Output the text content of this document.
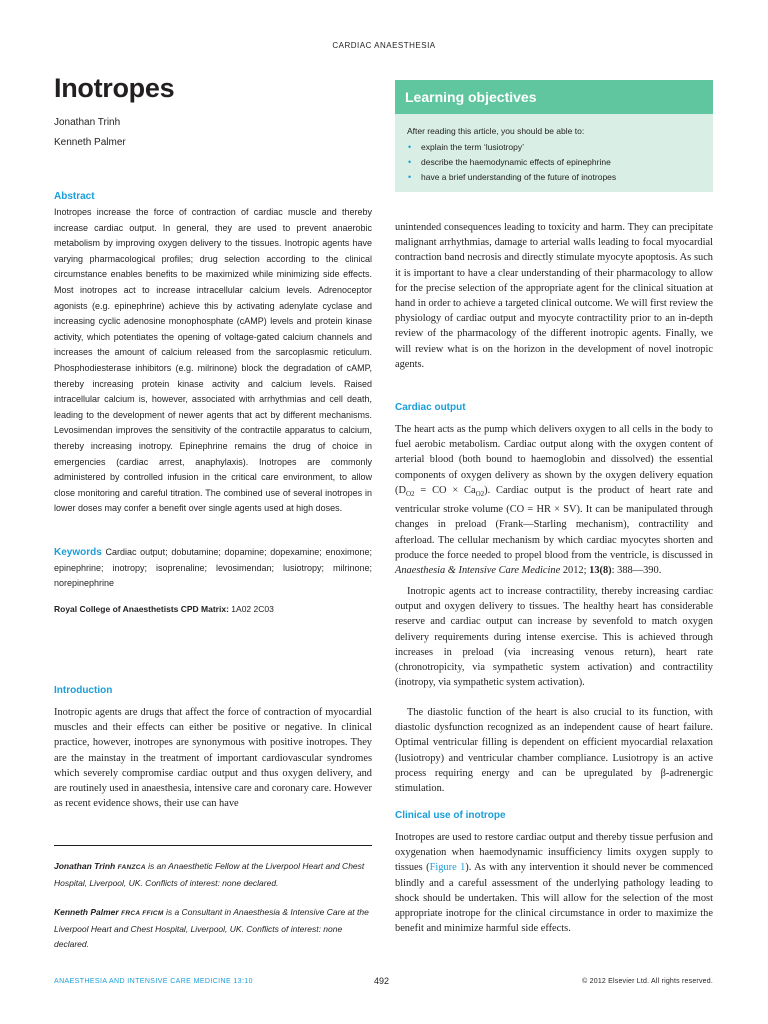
CARDIAC ANAESTHESIA
Inotropes
Jonathan Trinh
Kenneth Palmer
Learning objectives
After reading this article, you should be able to:
• explain the term ‘lusiotropy’
• describe the haemodynamic effects of epinephrine
• have a brief understanding of the future of inotropes
Abstract

Inotropes increase the force of contraction of cardiac muscle and thereby increase cardiac output. In general, they are used to prevent anaerobic metabolism by improving oxygen delivery to the tissues. Inotropic agents have varying pharmacological profiles; drug selection according to the clinical circumstance enables benefits to be maximized while minimizing side effects. Most inotropes act to increase intracellular calcium levels. Adrenoceptor agonists (e.g. epinephrine) achieve this by activating adenylate cyclase and increasing cyclic adenosine monophosphate (cAMP) levels and protein kinase activity, which potentiates the opening of voltage-gated calcium channels and increases the amount of calcium released from the sarcoplasmic reticulum. Phosphodiesterase inhibitors (e.g. milrinone) block the degradation of cAMP, thereby increasing protein kinase activity and calcium levels. Raised intracellular calcium is, however, associated with arrhythmias and cell death, leading to the development of newer agents that act by different mechanisms. Levosimendan improves the sensitivity of the contractile apparatus to calcium, thereby increasing inotropy. Epinephrine remains the drug of choice in emergencies (cardiac arrest, anaphylaxis). Inotropes are commonly administered by controlled infusion in the critical care environment, to allow close monitoring and careful titration. The combined use of several inotropes in lower doses may confer a benefit over single agents used at high doses.

Keywords Cardiac output; dobutamine; dopamine; dopexamine; enoximone; epinephrine; inotropy; isoprenaline; levosimendan; lusiotropy; milrinone; norepinephrine

Royal College of Anaesthetists CPD Matrix: 1A02 2C03

Introduction

Inotropic agents are drugs that affect the force of contraction of myocardial muscles and their effects can either be positive or negative. In clinical practice, however, inotropes are synonymous with positive inotropes. They are the mainstay in the treatment of important cardiovascular syndromes which severely compromise cardiac output and thus oxygen delivery, and are routinely used in anaesthesia, intensive care and coronary care. However as recent evidence shows, their use can have

Jonathan Trinh FANZCA is an Anaesthetic Fellow at the Liverpool Heart and Chest Hospital, Liverpool, UK. Conflicts of interest: none declared.

Kenneth Palmer FRCA FFICM is a Consultant in Anaesthesia & Intensive Care at the Liverpool Heart and Chest Hospital, Liverpool, UK. Conflicts of interest: none declared.

unintended consequences leading to toxicity and harm. They can precipitate malignant arrhythmias, damage to arterial walls leading to focal myocardial contraction band necrosis and directly stimulate myocyte apoptosis. As such it is important to have a clear understanding of their pharmacology to allow for the precise selection of the appropriate agent for the clinical situation at hand in order to achieve a targeted clinical outcome. We will first review the physiology of cardiac output and myocyte contractility prior to an in-depth review of the pharmacology of the different inotropic agents. Finally, we will review what is on the horizon in the development of novel inotropic agents.

Cardiac output

The heart acts as the pump which delivers oxygen to all cells in the body to fuel aerobic metabolism. Cardiac output along with the oxygen content of arterial blood (both bound to haemoglobin and dissolved) the essential components of oxygen delivery as shown by the oxygen delivery equation ($D_{O2}$ = CO × $Ca_{O2}$). Cardiac output is the product of heart rate and ventricular stroke volume (CO = HR × SV). It can be manipulated through changes in preload (Frank—Starling mechanism), contractility and afterload. The cellular mechanism by which cardiac myocytes shorten and produce the force needed to propel blood from the ventricle, is discussed in Anaesthesia & Intensive Care Medicine 2012; 13(8): 388—390.

Inotropic agents act to increase contractility, thereby increasing cardiac output and oxygen delivery to tissues. The healthy heart has considerable reserve and cardiac output can increase by sevenfold to match oxygen delivery requirements during intense exercise. This is achieved through increases in preload (via increasing venous return), heart rate (chronotropicity, via sympathetic system activation) and contractility (inotropy, via sympathetic system activation).

The diastolic function of the heart is also crucial to its function, with diastolic dysfunction recognized as an independent cause of heart failure. Optimal ventricular filling is dependent on efficient myocardial relaxation (lusiotropy) and ventricular chamber compliance. Lusiotropy is an active process requiring energy and can be upregulated by β-adrenergic stimulation.

Clinical use of inotrope

Inotropes are used to restore cardiac output and thereby tissue perfusion and oxygenation when haemodynamic insufficiency limits oxygen supply to tissues (Figure 1). As with any intervention it should never be commenced blindly and a careful assessment of the underlying pathology leading to shock should be undertaken. This will allow for the selection of the most appropriate inotrope for the clinical circumstance in order to maximize the benefit and minimize harmful side effects.

ANAESTHESIA AND INTENSIVE CARE MEDICINE 13:10	492	© 2012 Elsevier Ltd. All rights reserved.
